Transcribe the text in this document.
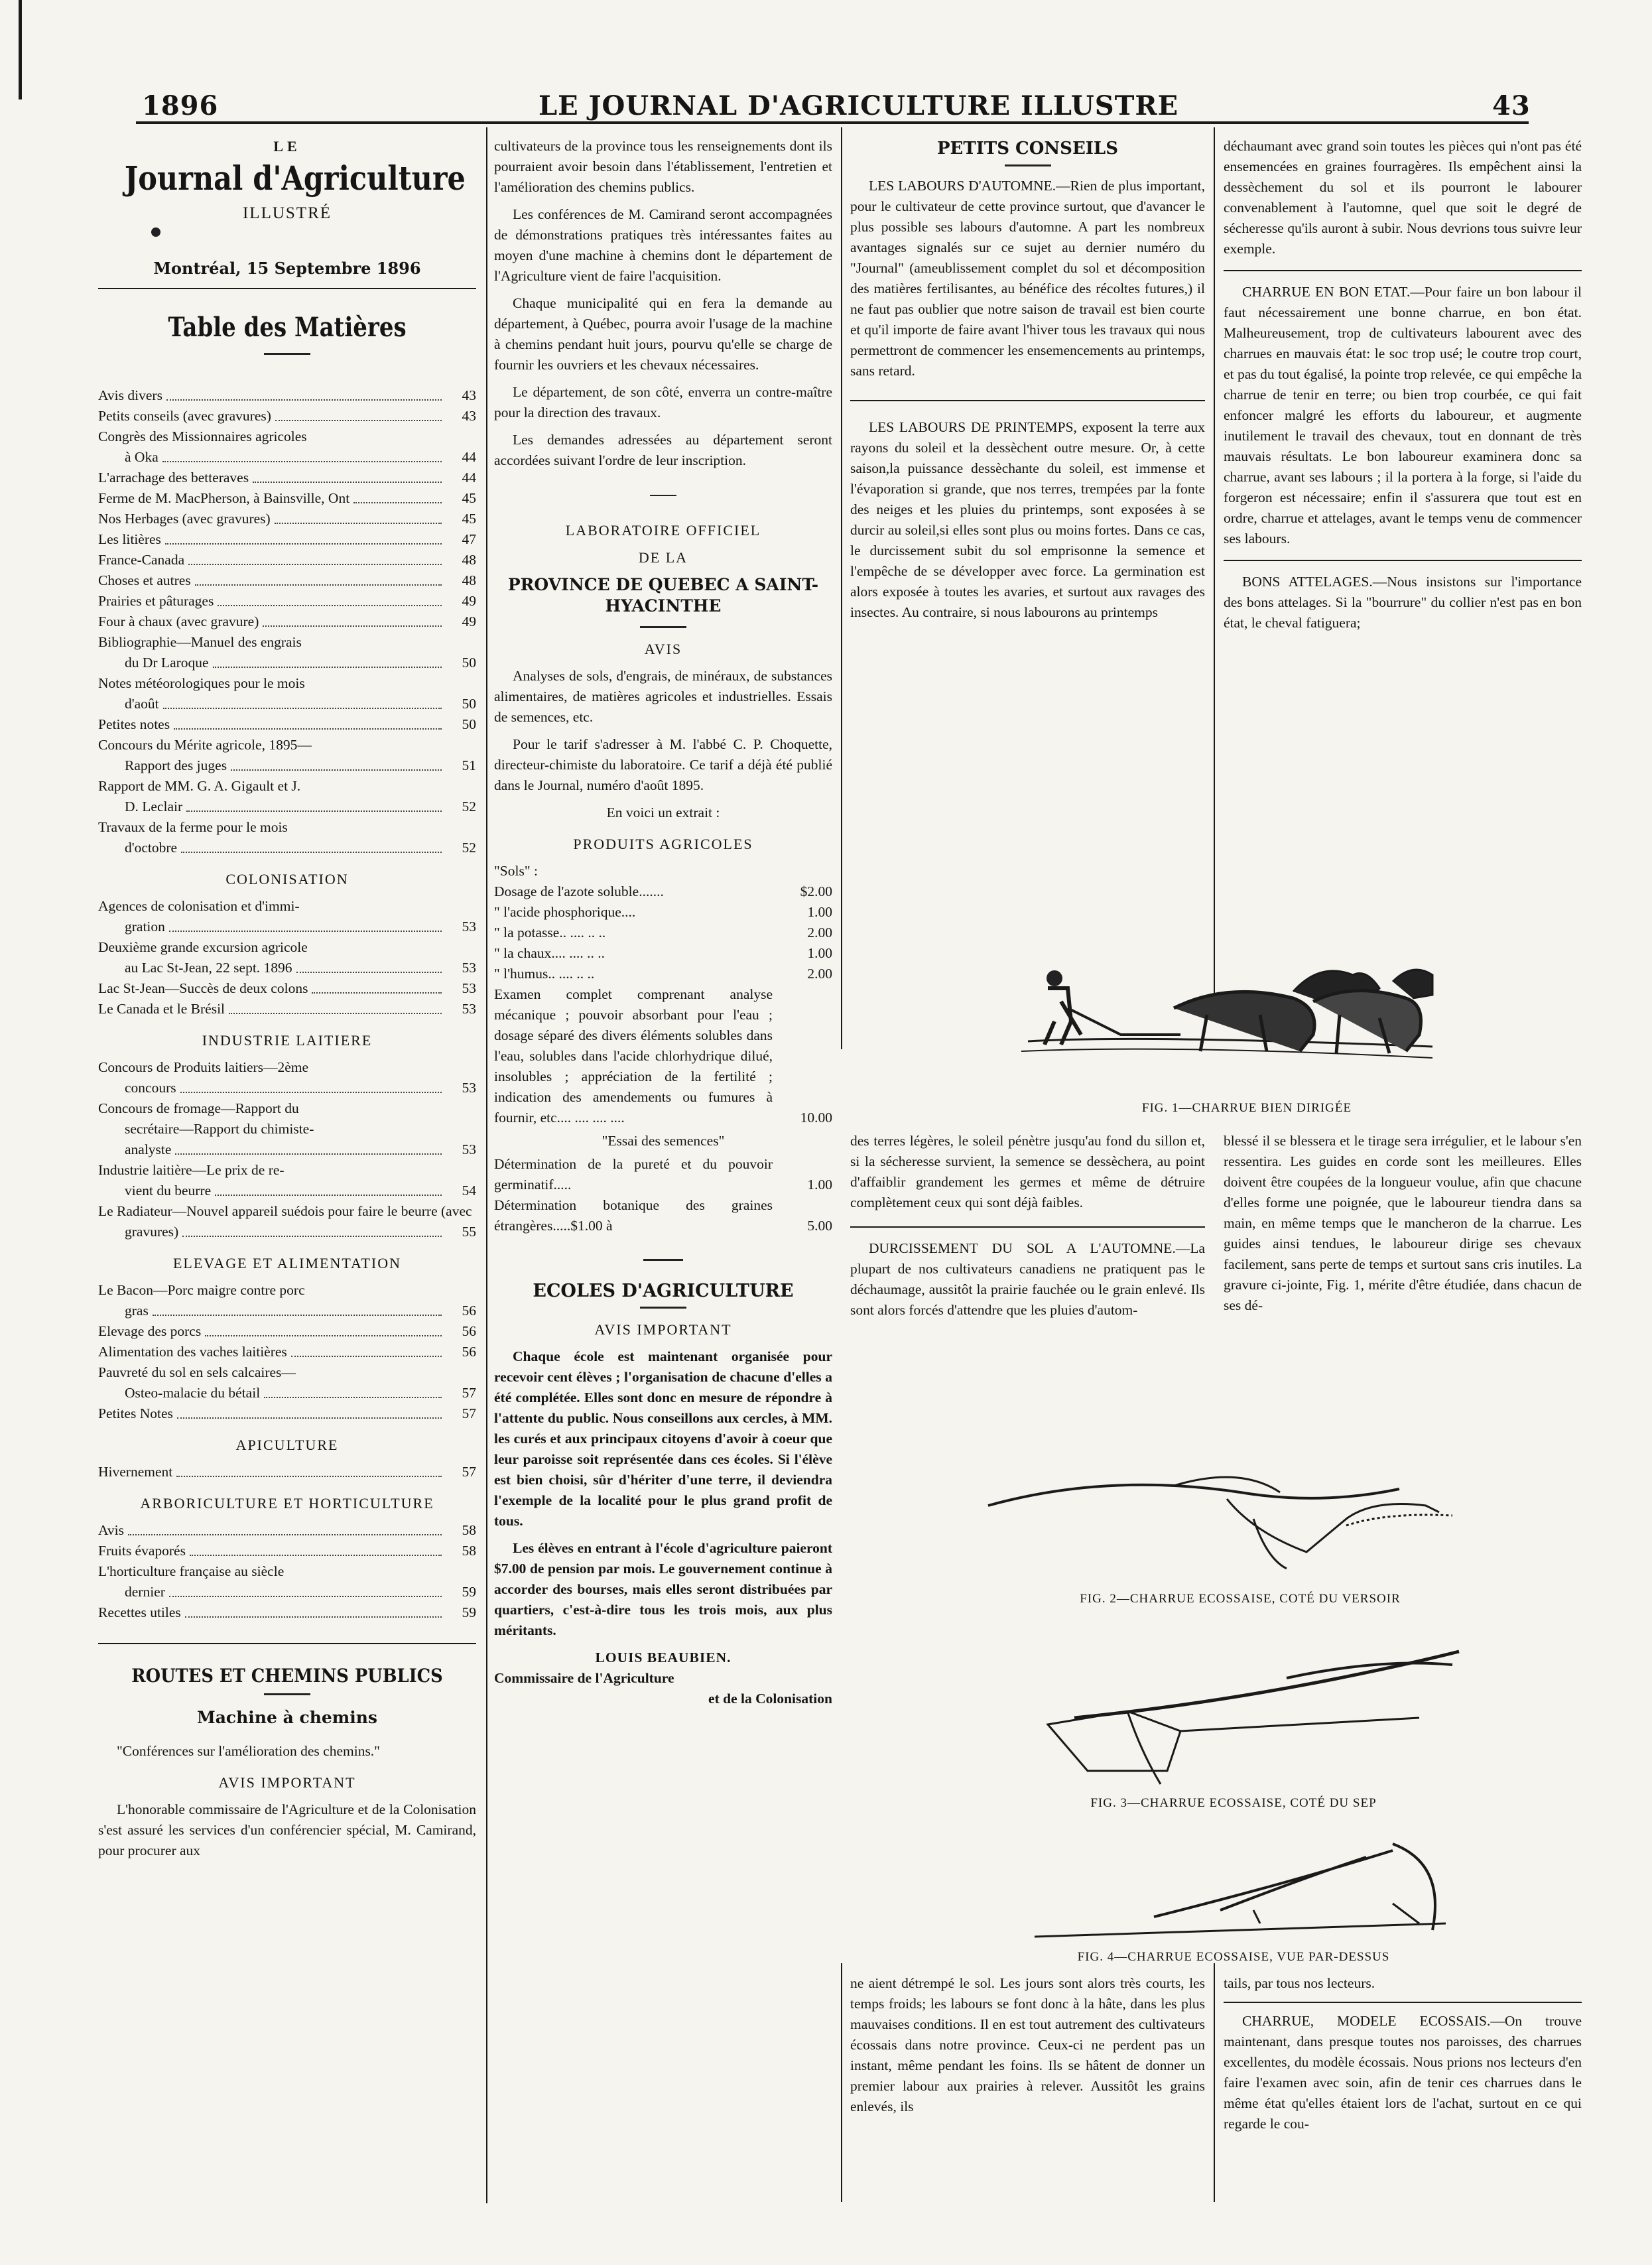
1896	LE JOURNAL D'AGRICULTURE ILLUSTRE	43
LE
Journal d'Agriculture
ILLUSTRÉ
Montréal, 15 Septembre 1896
Table des Matières
Avis divers	43
Petits conseils (avec gravures)	43
Congrès des Missionnaires agricoles
à Oka	44
L'arrachage des betteraves	44
Ferme de M. MacPherson, à Bainsville, Ont	45
Nos Herbages (avec gravures)	45
Les litières	47
France-Canada	48
Choses et autres	48
Prairies et pâturages	49
Four à chaux (avec gravure)	49
Bibliographie—Manuel des engrais
du Dr Laroque	50
Notes météorologiques pour le mois
d'août	50
Petites notes	50
Concours du Mérite agricole, 1895—
Rapport des juges	51
Rapport de MM. G. A. Gigault et J.
D. Leclair	52
Travaux de la ferme pour le mois
d'octobre	52
COLONISATION
Agences de colonisation et d'immi-
gration	53
Deuxième grande excursion agricole
au Lac St-Jean, 22 sept. 1896	53
Lac St-Jean—Succès de deux colons	53
Le Canada et le Brésil	53
INDUSTRIE LAITIERE
Concours de Produits laitiers—2ème
concours	53
Concours de fromage—Rapport du
secrétaire—Rapport du chimiste-
analyste	53
Industrie laitière—Le prix de re-
vient du beurre	54
Le Radiateur—Nouvel appareil suédois pour faire le beurre (avec
gravures)	55
ELEVAGE ET ALIMENTATION
Le Bacon—Porc maigre contre porc
gras	56
Elevage des porcs	56
Alimentation des vaches laitières	56
Pauvreté du sol en sels calcaires—
Osteo-malacie du bétail	57
Petites Notes	57
APICULTURE
Hivernement	57
ARBORICULTURE ET HORTICULTURE
Avis	58
Fruits évaporés	58
L'horticulture française au siècle
dernier	59
Recettes utiles	59
ROUTES ET CHEMINS PUBLICS
Machine à chemins

"Conférences sur l'amélioration des chemins."

AVIS IMPORTANT

L'honorable commissaire de l'Agriculture et de la Colonisation s'est assuré les services d'un conférencier spécial, M. Camirand, pour procurer aux

cultivateurs de la province tous les renseignements dont ils pourraient avoir besoin dans l'établissement, l'entretien et l'amélioration des chemins publics.

Les conférences de M. Camirand seront accompagnées de démonstrations pratiques très intéressantes faites au moyen d'une machine à chemins dont le département de l'Agriculture vient de faire l'acquisition.

Chaque municipalité qui en fera la demande au département, à Québec, pourra avoir l'usage de la machine à chemins pendant huit jours, pourvu qu'elle se charge de fournir les ouvriers et les chevaux nécessaires.

Le département, de son côté, enverra un contre-maître pour la direction des travaux.

Les demandes adressées au département seront accordées suivant l'ordre de leur inscription.

LABORATOIRE OFFICIEL
DE LA
PROVINCE DE QUEBEC A SAINT-HYACINTHE
AVIS

Analyses de sols, d'engrais, de minéraux, de substances alimentaires, de matières agricoles et industrielles. Essais de semences, etc.

Pour le tarif s'adresser à M. l'abbé C. P. Choquette, directeur-chimiste du laboratoire. Ce tarif a déjà été publié dans le Journal, numéro d'août 1895.

En voici un extrait :

PRODUITS AGRICOLES
"Sols" :
Dosage de l'azote soluble.......	$2.00
" l'acide phosphorique....	1.00
" la potasse.. .... .. ..	2.00
" la chaux.... .... .. ..	1.00
" l'humus.. .... .. ..	2.00
Examen complet comprenant analyse mécanique ; pouvoir absorbant pour l'eau ; dosage séparé des divers éléments solubles dans l'eau, solubles dans l'acide chlorhydrique dilué, insolubles ; appréciation de la fertilité ; indication des amendements ou fumures à fournir, etc.... .... .... ....	10.00
"Essai des semences"
Détermination de la pureté et du pouvoir germinatif.....	1.00
Détermination botanique des graines étrangères.....$1.00 à	5.00
ECOLES D'AGRICULTURE
AVIS IMPORTANT

Chaque école est maintenant organisée pour recevoir cent élèves ; l'organisation de chacune d'elles a été complétée. Elles sont donc en mesure de répondre à l'attente du public. Nous conseillons aux cercles, à MM. les curés et aux principaux citoyens d'avoir à coeur que leur paroisse soit représentée dans ces écoles. Si l'élève est bien choisi, sûr d'hériter d'une terre, il deviendra l'exemple de la localité pour le plus grand profit de tous.

Les élèves en entrant à l'école d'agriculture paieront $7.00 de pension par mois. Le gouvernement continue à accorder des bourses, mais elles seront distribuées par quartiers, c'est-à-dire tous les trois mois, aux plus méritants.

LOUIS BEAUBIEN.
Commissaire de l'Agriculture
et de la Colonisation
PETITS CONSEILS

LES LABOURS D'AUTOMNE.—Rien de plus important, pour le cultivateur de cette province surtout, que d'avancer le plus possible ses labours d'automne. A part les nombreux avantages signalés sur ce sujet au dernier numéro du "Journal" (ameublissement complet du sol et décomposition des matières fertilisantes, au bénéfice des récoltes futures,) il ne faut pas oublier que notre saison de travail est bien courte et qu'il importe de faire avant l'hiver tous les travaux qui nous permettront de commencer les ensemencements au printemps, sans retard.

LES LABOURS DE PRINTEMPS, exposent la terre aux rayons du soleil et la dessèchent outre mesure. Or, à cette saison,la puissance dessèchante du soleil, est immense et l'évaporation si grande, que nos terres, trempées par la fonte des neiges et les pluies du printemps, sont exposées à se durcir au soleil,si elles sont plus ou moins fortes. Dans ce cas, le durcissement subit du sol emprisonne la semence et l'empêche de se développer avec force. La germination est alors exposée à toutes les avaries, et surtout aux ravages des insectes. Au contraire, si nous labourons au printemps

déchaumant avec grand soin toutes les pièces qui n'ont pas été ensemencées en graines fourragères. Ils empêchent ainsi la dessèchement du sol et ils pourront le labourer convenablement à l'automne, quel que soit le degré de sécheresse qu'ils auront à subir. Nous devrions tous suivre leur exemple.

CHARRUE EN BON ETAT.—Pour faire un bon labour il faut nécessairement une bonne charrue, en bon état. Malheureusement, trop de cultivateurs labourent avec des charrues en mauvais état: le soc trop usé; le coutre trop court, et pas du tout égalisé, la pointe trop relevée, ce qui empêche la charrue de tenir en terre; ou bien trop courbée, ce qui fait enfoncer malgré les efforts du laboureur, et augmente inutilement le travail des chevaux, tout en donnant de très mauvais résultats. Le bon laboureur examinera donc sa charrue, avant ses labours ; il la portera à la forge, si l'aide du forgeron est nécessaire; enfin il s'assurera que tout est en ordre, charrue et attelages, avant le temps venu de commencer ses labours.

BONS ATTELAGES.—Nous insistons sur l'importance des bons attelages. Si la "bourrure" du collier n'est pas en bon état, le cheval fatiguera;

FIG. 1—CHARRUE BIEN DIRIGÉE

des terres légères, le soleil pénètre jusqu'au fond du sillon et, si la sécheresse survient, la semence se dessèchera, au point d'affaiblir grandement les germes et même de détruire complètement ceux qui sont déjà faibles.

DURCISSEMENT DU SOL A L'AUTOMNE.—La plupart de nos cultivateurs canadiens ne pratiquent pas le déchaumage, aussitôt la prairie fauchée ou le grain enlevé. Ils sont alors forcés d'attendre que les pluies d'autom-

blessé il se blessera et le tirage sera irrégulier, et le labour s'en ressentira. Les guides en corde sont les meilleures. Elles doivent être coupées de la longueur voulue, afin que chacune d'elles forme une poignée, que le laboureur tiendra dans sa main, en même temps que le mancheron de la charrue. Les guides ainsi tendues, le laboureur dirige ses chevaux facilement, sans perte de temps et surtout sans cris inutiles. La gravure ci-jointe, Fig. 1, mérite d'être étudiée, dans chacun de ses dé-

FIG. 2—CHARRUE ECOSSAISE, COTÉ DU VERSOIR
FIG. 3—CHARRUE ECOSSAISE, COTÉ DU SEP
FIG. 4—CHARRUE ECOSSAISE, VUE PAR-DESSUS

ne aient détrempé le sol. Les jours sont alors très courts, les temps froids; les labours se font donc à la hâte, dans les plus mauvaises conditions. Il en est tout autrement des cultivateurs écossais dans notre province. Ceux-ci ne perdent pas un instant, même pendant les foins. Ils se hâtent de donner un premier labour aux prairies à relever. Aussitôt les grains enlevés, ils

tails, par tous nos lecteurs.

CHARRUE, MODELE ECOSSAIS.—On trouve maintenant, dans presque toutes nos paroisses, des charrues excellentes, du modèle écossais. Nous prions nos lecteurs d'en faire l'examen avec soin, afin de tenir ces charrues dans le même état qu'elles étaient lors de l'achat, surtout en ce qui regarde le cou-
